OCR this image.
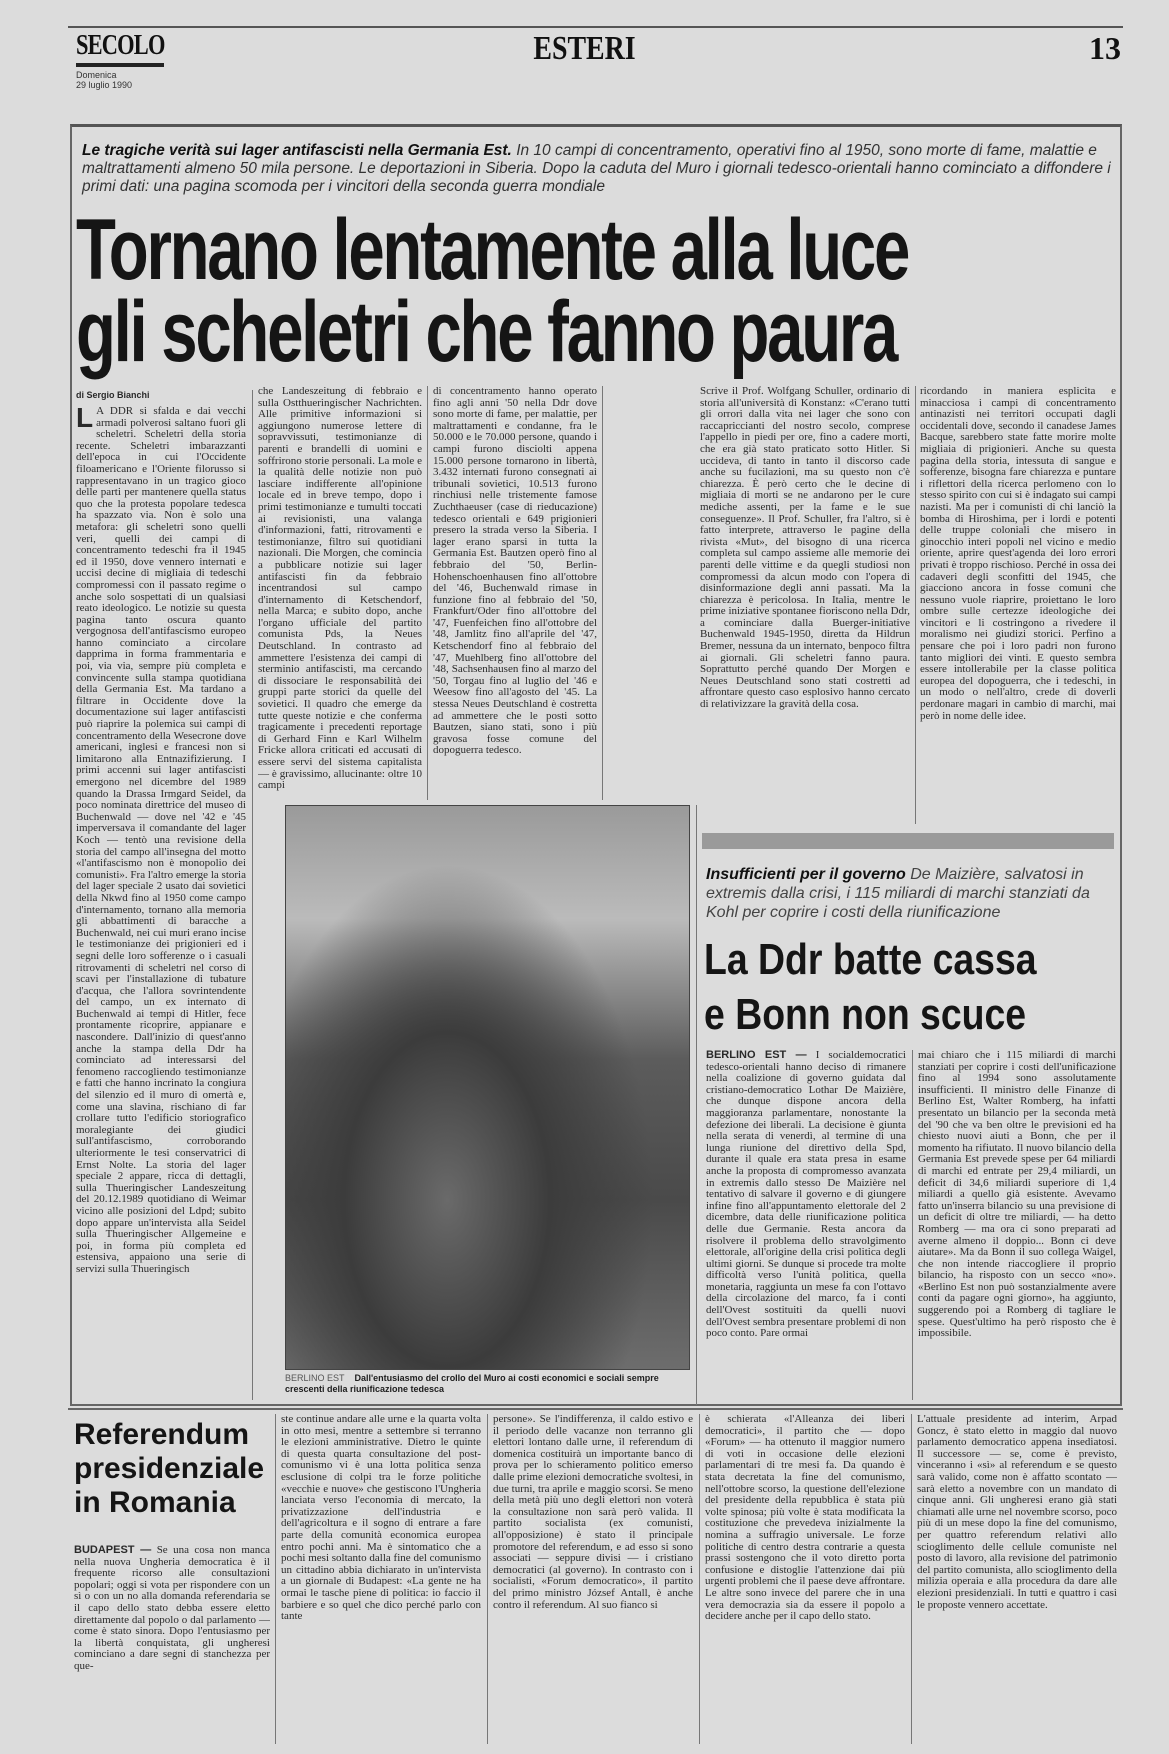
SECOLO
Domenica
29 luglio 1990
ESTERI	13
Le tragiche verità sui lager antifascisti nella Germania Est. In 10 campi di concentramento, operativi fino al 1950, sono morte di fame, malattie e maltrattamenti almeno 50 mila persone. Le deportazioni in Siberia. Dopo la caduta del Muro i giornali tedesco-orientali hanno cominciato a diffondere i primi dati: una pagina scomoda per i vincitori della seconda guerra mondiale
Tornano lentamente alla luce
gli scheletri che fanno paura
di Sergio Bianchi
L A DDR si sfalda e dai vecchi armadi polverosi saltano fuori gli scheletri. Scheletri della storia recente. Scheletri imbarazzanti dell'epoca in cui l'Occidente filoamericano e l'Oriente filorusso si rappresentavano in un tragico gioco delle parti per mantenere quella status quo che la protesta popolare tedesca ha spazzato via. Non è solo una metafora: gli scheletri sono quelli veri, quelli dei campi di concentramento tedeschi fra il 1945 ed il 1950, dove vennero internati e uccisi decine di migliaia di tedeschi compromessi con il passato regime o anche solo sospettati di un qualsiasi reato ideologico. Le notizie su questa pagina tanto oscura quanto vergognosa dell'antifascismo europeo hanno cominciato a circolare dapprima in forma frammentaria e poi, via via, sempre più completa e convincente sulla stampa quotidiana della Germania Est. Ma tardano a filtrare in Occidente dove la documentazione sui lager antifascisti può riaprire la polemica sui campi di concentramento della Wesecrone dove americani, inglesi e francesi non si limitarono alla Entnazifizierung. I primi accenni sui lager antifascisti emergono nel dicembre del 1989 quando la Drassa Irmgard Seidel, da poco nominata direttrice del museo di Buchenwald — dove nel '42 e '45 imperversava il comandante del lager Koch — tentò una revisione della storia del campo all'insegna del motto «l'antifascismo non è monopolio dei comunisti». Fra l'altro emerge la storia del lager speciale 2 usato dai sovietici della Nkwd fino al 1950 come campo d'internamento, tornano alla memoria gli abbattimenti di baracche a Buchenwald, nei cui muri erano incise le testimonianze dei prigionieri ed i segni delle loro sofferenze o i casuali ritrovamenti di scheletri nel corso di scavi per l'installazione di tubature d'acqua, che l'allora sovrintendente del campo, un ex internato di Buchenwald ai tempi di Hitler, fece prontamente ricoprire, appianare e nascondere. Dall'inizio di quest'anno anche la stampa della Ddr ha cominciato ad interessarsi del fenomeno raccogliendo testimonianze e fatti che hanno incrinato la congiura del silenzio ed il muro di omertà e, come una slavina, rischiano di far crollare tutto l'edificio storiografico moralegiante dei giudici sull'antifascismo, corroborando ulteriormente le tesi conservatrici di Ernst Nolte. La storia del lager speciale 2 appare, ricca di dettagli, sulla Thueringischer Landeszeitung del 20.12.1989 quotidiano di Weimar vicino alle posizioni del Ldpd; subito dopo appare un'intervista alla Seidel sulla Thueringischer Allgemeine e poi, in forma più completa ed estensiva, appaiono una serie di servizi sulla Thueringisch
che Landeszeitung di febbraio e sulla Ostthueringischer Nachrichten. Alle primitive informazioni si aggiungono numerose lettere di sopravvissuti, testimonianze di parenti e brandelli di uomini e soffrirono storie personali. La mole e la qualità delle notizie non può lasciare indifferente all'opinione locale ed in breve tempo, dopo i primi testimonianze e tumulti toccati ai revisionisti, una valanga d'informazioni, fatti, ritrovamenti e testimonianze, filtro sui quotidiani nazionali. Die Morgen, che comincia a pubblicare notizie sui lager antifascisti fin da febbraio incentrandosi sul campo d'internamento di Ketschendorf, nella Marca; e subito dopo, anche l'organo ufficiale del partito comunista Pds, la Neues Deutschland. In contrasto ad ammettere l'esistenza dei campi di sterminio antifascisti, ma cercando di dissociare le responsabilità dei gruppi parte storici da quelle del sovietici. Il quadro che emerge da tutte queste notizie e che conferma tragicamente i precedenti reportage di Gerhard Finn e Karl Wilhelm Fricke allora criticati ed accusati di essere servi del sistema capitalista — è gravissimo, allucinante: oltre 10 campi
di concentramento hanno operato fino agli anni '50 nella Ddr dove sono morte di fame, per malattie, per maltrattamenti e condanne, fra le 50.000 e le 70.000 persone, quando i campi furono disciolti appena 15.000 persone tornarono in libertà, 3.432 internati furono consegnati ai tribunali sovietici, 10.513 furono rinchiusi nelle tristemente famose Zuchthaeuser (case di rieducazione) tedesco orientali e 649 prigionieri presero la strada verso la Siberia. I lager erano sparsi in tutta la Germania Est. Bautzen operò fino al febbraio del '50, Berlin-Hohenschoenhausen fino all'ottobre del '46, Buchenwald rimase in funzione fino al febbraio del '50, Frankfurt/Oder fino all'ottobre del '47, Fuenfeichen fino all'ottobre del '48, Jamlitz fino all'aprile del '47, Ketschendorf fino al febbraio del '47, Muehlberg fino all'ottobre del '48, Sachsenhausen fino al marzo del '50, Torgau fino al luglio del '46 e Weesow fino all'agosto del '45. La stessa Neues Deutschland è costretta ad ammettere che le posti sotto Bautzen, siano stati, sono i più gravosa fosse comune del dopoguerra tedesco.
Scrive il Prof. Wolfgang Schuller, ordinario di storia all'università di Konstanz: «C'erano tutti gli orrori dalla vita nei lager che sono con raccapriccianti del nostro secolo, comprese l'appello in piedi per ore, fino a cadere morti, che era già stato praticato sotto Hitler. Si uccideva, di tanto in tanto il discorso cade anche su fucilazioni, ma su questo non c'è chiarezza. È però certo che le decine di migliaia di morti se ne andarono per le cure mediche assenti, per la fame e le sue conseguenze». Il Prof. Schuller, fra l'altro, si è fatto interprete, attraverso le pagine della rivista «Mut», del bisogno di una ricerca completa sul campo assieme alle memorie dei parenti delle vittime e da quegli studiosi non compromessi da alcun modo con l'opera di disinformazione degli anni passati. Ma la chiarezza è pericolosa. In Italia, mentre le prime iniziative spontanee fioriscono nella Ddr, a cominciare dalla Buerger-initiative Buchenwald 1945-1950, diretta da Hildrun Bremer, nessuna da un internato, benpoco filtra ai giornali. Gli scheletri fanno paura. Soprattutto perché quando Der Morgen e Neues Deutschland sono stati costretti ad affrontare questo caso esplosivo hanno cercato di relativizzare la gravità della cosa.
ricordando in maniera esplicita e minacciosa i campi di concentramento antinazisti nei territori occupati dagli occidentali dove, secondo il canadese James Bacque, sarebbero state fatte morire molte migliaia di prigionieri. Anche su questa pagina della storia, intessuta di sangue e sofferenze, bisogna fare chiarezza e puntare i riflettori della ricerca perlomeno con lo stesso spirito con cui si è indagato sui campi nazisti. Ma per i comunisti di chi lanciò la bomba di Hiroshima, per i lordi e potenti delle truppe coloniali che misero in ginocchio interi popoli nel vicino e medio oriente, aprire quest'agenda dei loro errori privati è troppo rischioso. Perché in ossa dei cadaveri degli sconfitti del 1945, che giacciono ancora in fosse comuni che nessuno vuole riaprire, proiettano le loro ombre sulle certezze ideologiche dei vincitori e li costringono a rivedere il moralismo nei giudizi storici. Perfino a pensare che poi i loro padri non furono tanto migliori dei vinti. E questo sembra essere intollerabile per la classe politica europea del dopoguerra, che i tedeschi, in un modo o nell'altro, crede di doverli perdonare magari in cambio di marchi, mai però in nome delle idee.
BERLINO EST Dall'entusiasmo del crollo del Muro ai costi economici e sociali sempre crescenti della riunificazione tedesca
Insufficienti per il governo De Maizière, salvatosi in extremis dalla crisi, i 115 miliardi di marchi stanziati da Kohl per coprire i costi della riunificazione
La Ddr batte cassa
e Bonn non scuce
BERLINO EST — I socialdemocratici tedesco-orientali hanno deciso di rimanere nella coalizione di governo guidata dal cristiano-democratico Lothar De Maizière, che dunque dispone ancora della maggioranza parlamentare, nonostante la defezione dei liberali. La decisione è giunta nella serata di venerdì, al termine di una lunga riunione del direttivo della Spd, durante il quale era stata presa in esame anche la proposta di compromesso avanzata in extremis dallo stesso De Maizière nel tentativo di salvare il governo e di giungere infine fino all'appuntamento elettorale del 2 dicembre, data delle riunificazione politica delle due Germanie. Resta ancora da risolvere il problema dello stravolgimento elettorale, all'origine della crisi politica degli ultimi giorni. Se dunque si procede tra molte difficoltà verso l'unità politica, quella monetaria, raggiunta un mese fa con l'ottavo della circolazione del marco, fa i conti dell'Ovest sostituiti da quelli nuovi dell'Ovest sembra presentare problemi di non poco conto. Pare ormai
mai chiaro che i 115 miliardi di marchi stanziati per coprire i costi dell'unificazione fino al 1994 sono assolutamente insufficienti. Il ministro delle Finanze di Berlino Est, Walter Romberg, ha infatti presentato un bilancio per la seconda metà del '90 che va ben oltre le previsioni ed ha chiesto nuovi aiuti a Bonn, che per il momento ha rifiutato. Il nuovo bilancio della Germania Est prevede spese per 64 miliardi di marchi ed entrate per 29,4 miliardi, un deficit di 34,6 miliardi superiore di 1,4 miliardi a quello già esistente. Avevamo fatto un'inserra bilancio su una previsione di un deficit di oltre tre miliardi, — ha detto Romberg — ma ora ci sono preparati ad averne almeno il doppio... Bonn ci deve aiutare». Ma da Bonn il suo collega Waigel, che non intende riaccogliere il proprio bilancio, ha risposto con un secco «no». «Berlino Est non può sostanzialmente avere conti da pagare ogni giorno», ha aggiunto, suggerendo poi a Romberg di tagliare le spese. Quest'ultimo ha però risposto che è impossibile.
Referendum presidenziale in Romania
BUDAPEST — Se una cosa non manca nella nuova Ungheria democratica è il frequente ricorso alle consultazioni popolari; oggi si vota per rispondere con un sì o con un no alla domanda referendaria se il capo dello stato debba essere eletto direttamente dal popolo o dal parlamento — come è stato sinora. Dopo l'entusiasmo per la libertà conquistata, gli ungheresi cominciano a dare segni di stanchezza per que-
ste continue andare alle urne e la quarta volta in otto mesi, mentre a settembre si terranno le elezioni amministrative. Dietro le quinte di questa quarta consultazione del post-comunismo vi è una lotta politica senza esclusione di colpi tra le forze politiche «vecchie e nuove» che gestiscono l'Ungheria lanciata verso l'economia di mercato, la privatizzazione dell'industria e dell'agricoltura e il sogno di entrare a fare parte della comunità economica europea entro pochi anni. Ma è sintomatico che a pochi mesi soltanto dalla fine del comunismo un cittadino abbia dichiarato in un'intervista a un giornale di Budapest: «La gente ne ha ormai le tasche piene di politica: io faccio il barbiere e so quel che dico perché parlo con tante
persone». Se l'indifferenza, il caldo estivo e il periodo delle vacanze non terranno gli elettori lontano dalle urne, il referendum di domenica costituirà un importante banco di prova per lo schieramento politico emerso dalle prime elezioni democratiche svoltesi, in due turni, tra aprile e maggio scorsi. Se meno della metà più uno degli elettori non voterà la consultazione non sarà però valida. Il partito socialista (ex comunisti, all'opposizione) è stato il principale promotore del referendum, e ad esso si sono associati — seppure divisi — i cristiano democratici (al governo). In contrasto con i socialisti, «Forum democratico», il partito del primo ministro József Antall, è anche contro il referendum. Al suo fianco si
è schierata «l'Alleanza dei liberi democratici», il partito che — dopo «Forum» — ha ottenuto il maggior numero di voti in occasione delle elezioni parlamentari di tre mesi fa. Da quando è stata decretata la fine del comunismo, nell'ottobre scorso, la questione dell'elezione del presidente della repubblica è stata più volte spinosa; più volte è stata modificata la costituzione che prevedeva inizialmente la nomina a suffragio universale. Le forze politiche di centro destra contrarie a questa prassi sostengono che il voto diretto porta confusione e distoglie l'attenzione dai più urgenti problemi che il paese deve affrontare. Le altre sono invece del parere che in una vera democrazia sia da essere il popolo a decidere anche per il capo dello stato.
L'attuale presidente ad interim, Arpad Goncz, è stato eletto in maggio dal nuovo parlamento democratico appena insediatosi. Il successore — se, come è previsto, vinceranno i «sì» al referendum e se questo sarà valido, come non è affatto scontato — sarà eletto a novembre con un mandato di cinque anni. Gli ungheresi erano già stati chiamati alle urne nel novembre scorso, poco più di un mese dopo la fine del comunismo, per quattro referendum relativi allo scioglimento delle cellule comuniste nel posto di lavoro, alla revisione del patrimonio del partito comunista, allo scioglimento della milizia operaia e alla procedura da dare alle elezioni presidenziali. In tutti e quattro i casi le proposte vennero accettate.
